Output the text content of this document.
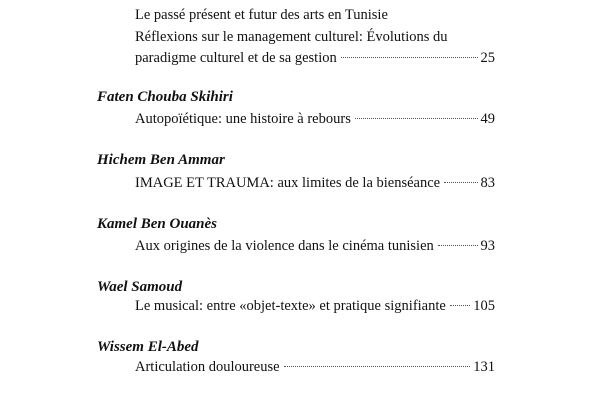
Le passé présent et futur des arts en Tunisie
Réflexions sur le management culturel: Évolutions du
paradigme culturel et de sa gestion	25
Faten Chouba Skihiri
Autopoïétique: une histoire à rebours	49
Hichem Ben Ammar
IMAGE ET TRAUMA: aux limites de la bienséance	83
Kamel Ben Ouanès
Aux origines de la violence dans le cinéma tunisien	93
Wael Samoud
Le musical: entre «objet-texte» et pratique signifiante 105
Wissem El-Abed
Articulation douloureuse	131
